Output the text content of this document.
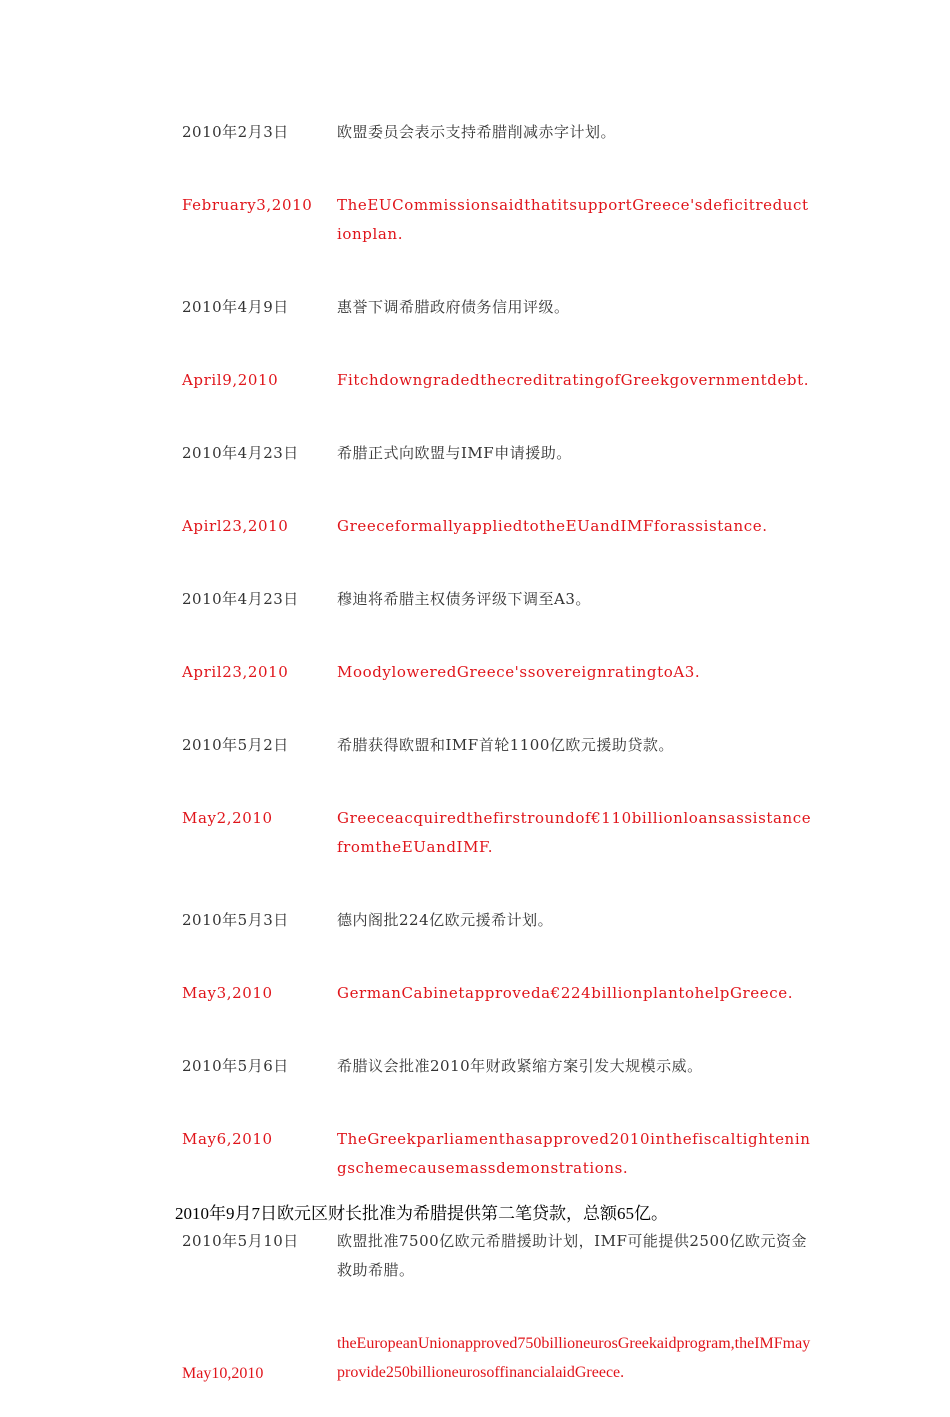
2010年2月3日	欧盟委员会表示支持希腊削减赤字计划。
February3,2010	TheEUCommissionsaidthatitsupportGreece'sdeficitreductionplan.
2010年4月9日	惠誉下调希腊政府债务信用评级。
April9,2010	FitchdowngradedthecreditratingofGreekgovernmentdebt.
2010年4月23日	希腊正式向欧盟与IMF申请援助。
Apirl23,2010	GreeceformallyappliedtotheEUandIMFforassistance.
2010年4月23日	穆迪将希腊主权债务评级下调至A3。
April23,2010	MoodyloweredGreece'ssovereignratingtoA3.
2010年5月2日	希腊获得欧盟和IMF首轮1100亿欧元援助贷款。
May2,2010	Greeceacquiredthefirstroundof€110billionloansassistancefromtheEUandIMF.
2010年5月3日	德内阁批224亿欧元援希计划。
May3,2010	GermanCabinetapproveda€224billionplantohelpGreece.
2010年5月6日	希腊议会批准2010年财政紧缩方案引发大规模示威。
May6,2010	TheGreekparliamenthasapproved2010inthefiscaltighteningschemecausemassdemonstrations.
2010年5月10日	欧盟批准7500亿欧元希腊援助计划，IMF可能提供2500亿欧元资金救助希腊。
May10,2010	theEuropeanUnionapproved750billioneurosGreekaidprogram,theIMFmayprovide250billioneurosoffinancialaidGreece.
2010年9月7日欧元区财长批准为希腊提供第二笔贷款，总额65亿。
